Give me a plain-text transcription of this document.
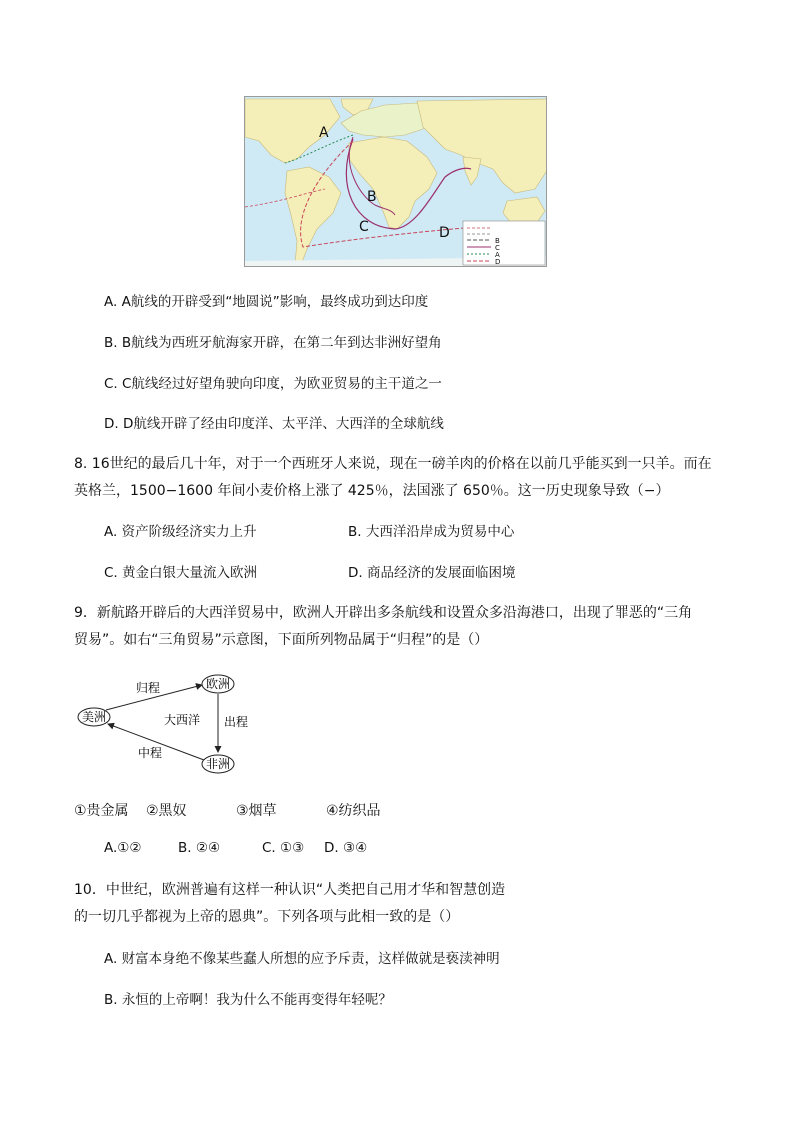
A
B
C	D	B
C
A
D
A. A航线的开辟受到“地圆说”影响，最终成功到达印度
B. B航线为西班牙航海家开辟，在第二年到达非洲好望角
C. C航线经过好望角驶向印度，为欧亚贸易的主干道之一
D. D航线开辟了经由印度洋、太平洋、大西洋的全球航线
8. 16世纪的最后几十年，对于一个西班牙人来说，现在一磅羊肉的价格在以前几乎能买到一只羊。而在
英格兰，1500−1600 年间小麦价格上涨了 425％，法国涨了 650％。这一历史现象导致（−）
A. 资产阶级经济实力上升	B. 大西洋沿岸成为贸易中心
C. 黄金白银大量流入欧洲	D. 商品经济的发展面临困境
9．新航路开辟后的大西洋贸易中，欧洲人开辟出多条航线和设置众多沿海港口，出现了罪恶的“三角
贸易”。如右“三角贸易”示意图，下面所列物品属于“归程”的是（）
欧洲
美洲
非洲
归程
出程
中程
大西洋
①贵金属 ②黑奴	③烟草	④纺织品
A.①②	B. ②④	C. ①③ D. ③④
10．中世纪，欧洲普遍有这样一种认识“人类把自己用才华和智慧创造
的一切几乎都视为上帝的恩典”。下列各项与此相一致的是（）
A. 财富本身绝不像某些蠢人所想的应予斥责，这样做就是亵渎神明
B. 永恒的上帝啊！我为什么不能再变得年轻呢？
